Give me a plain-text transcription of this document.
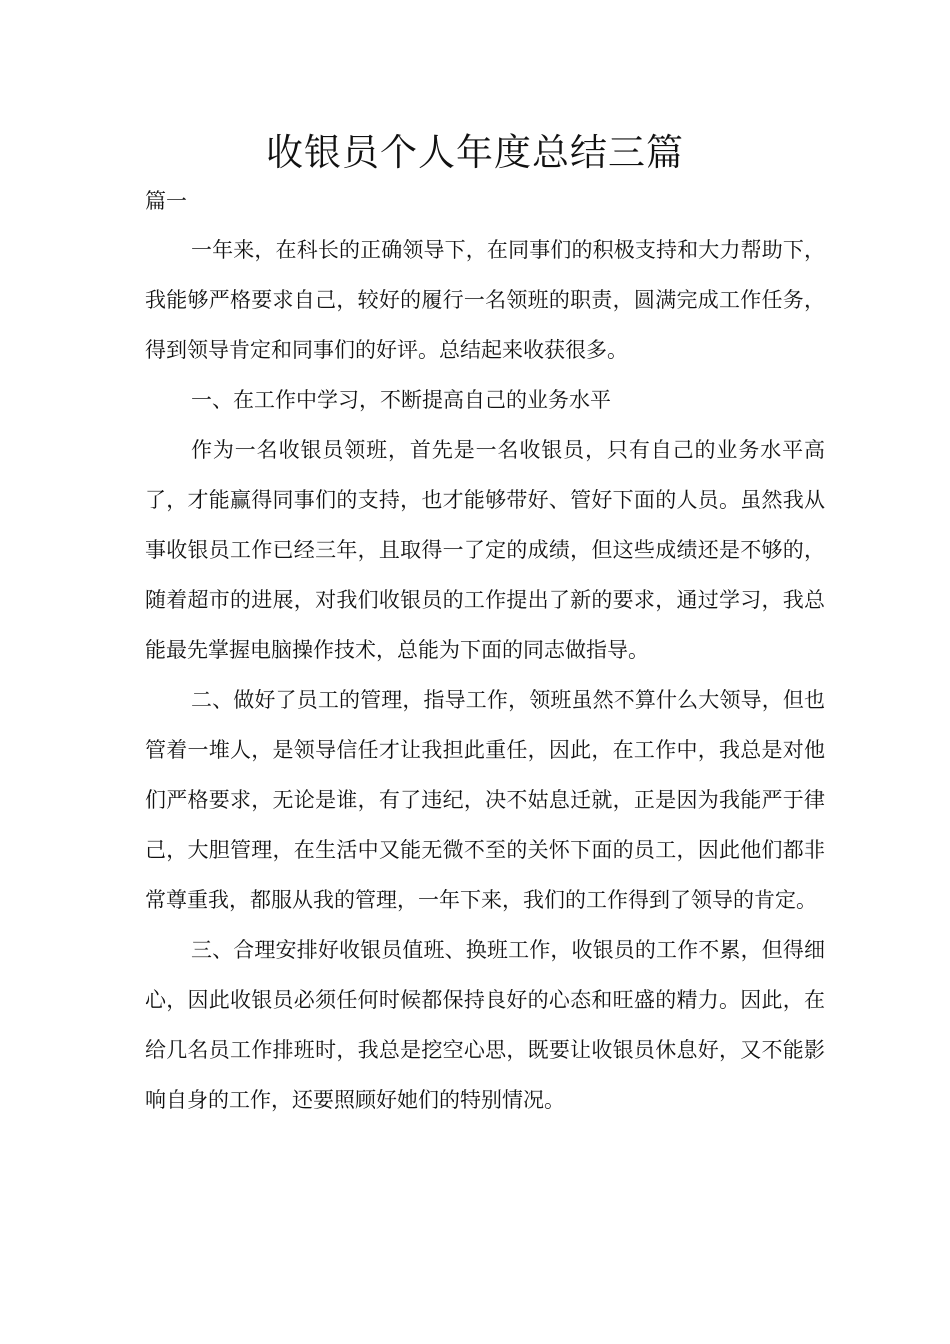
收银员个人年度总结三篇

篇一

一年来，在科长的正确领导下，在同事们的积极支持和大力帮助下，我能够严格要求自己，较好的履行一名领班的职责，圆满完成工作任务，得到领导肯定和同事们的好评。总结起来收获很多。

一、在工作中学习，不断提高自己的业务水平

作为一名收银员领班，首先是一名收银员，只有自己的业务水平高了，才能赢得同事们的支持，也才能够带好、管好下面的人员。虽然我从事收银员工作已经三年，且取得一了定的成绩，但这些成绩还是不够的，随着超市的进展，对我们收银员的工作提出了新的要求，通过学习，我总能最先掌握电脑操作技术，总能为下面的同志做指导。

二、做好了员工的管理，指导工作，领班虽然不算什么大领导，但也管着一堆人，是领导信任才让我担此重任，因此，在工作中，我总是对他们严格要求，无论是谁，有了违纪，决不姑息迁就，正是因为我能严于律己，大胆管理，在生活中又能无微不至的关怀下面的员工，因此他们都非常尊重我，都服从我的管理，一年下来，我们的工作得到了领导的肯定。

三、合理安排好收银员值班、换班工作，收银员的工作不累，但得细心，因此收银员必须任何时候都保持良好的心态和旺盛的精力。因此，在给几名员工作排班时，我总是挖空心思，既要让收银员休息好，又不能影响自身的工作，还要照顾好她们的特别情况。
